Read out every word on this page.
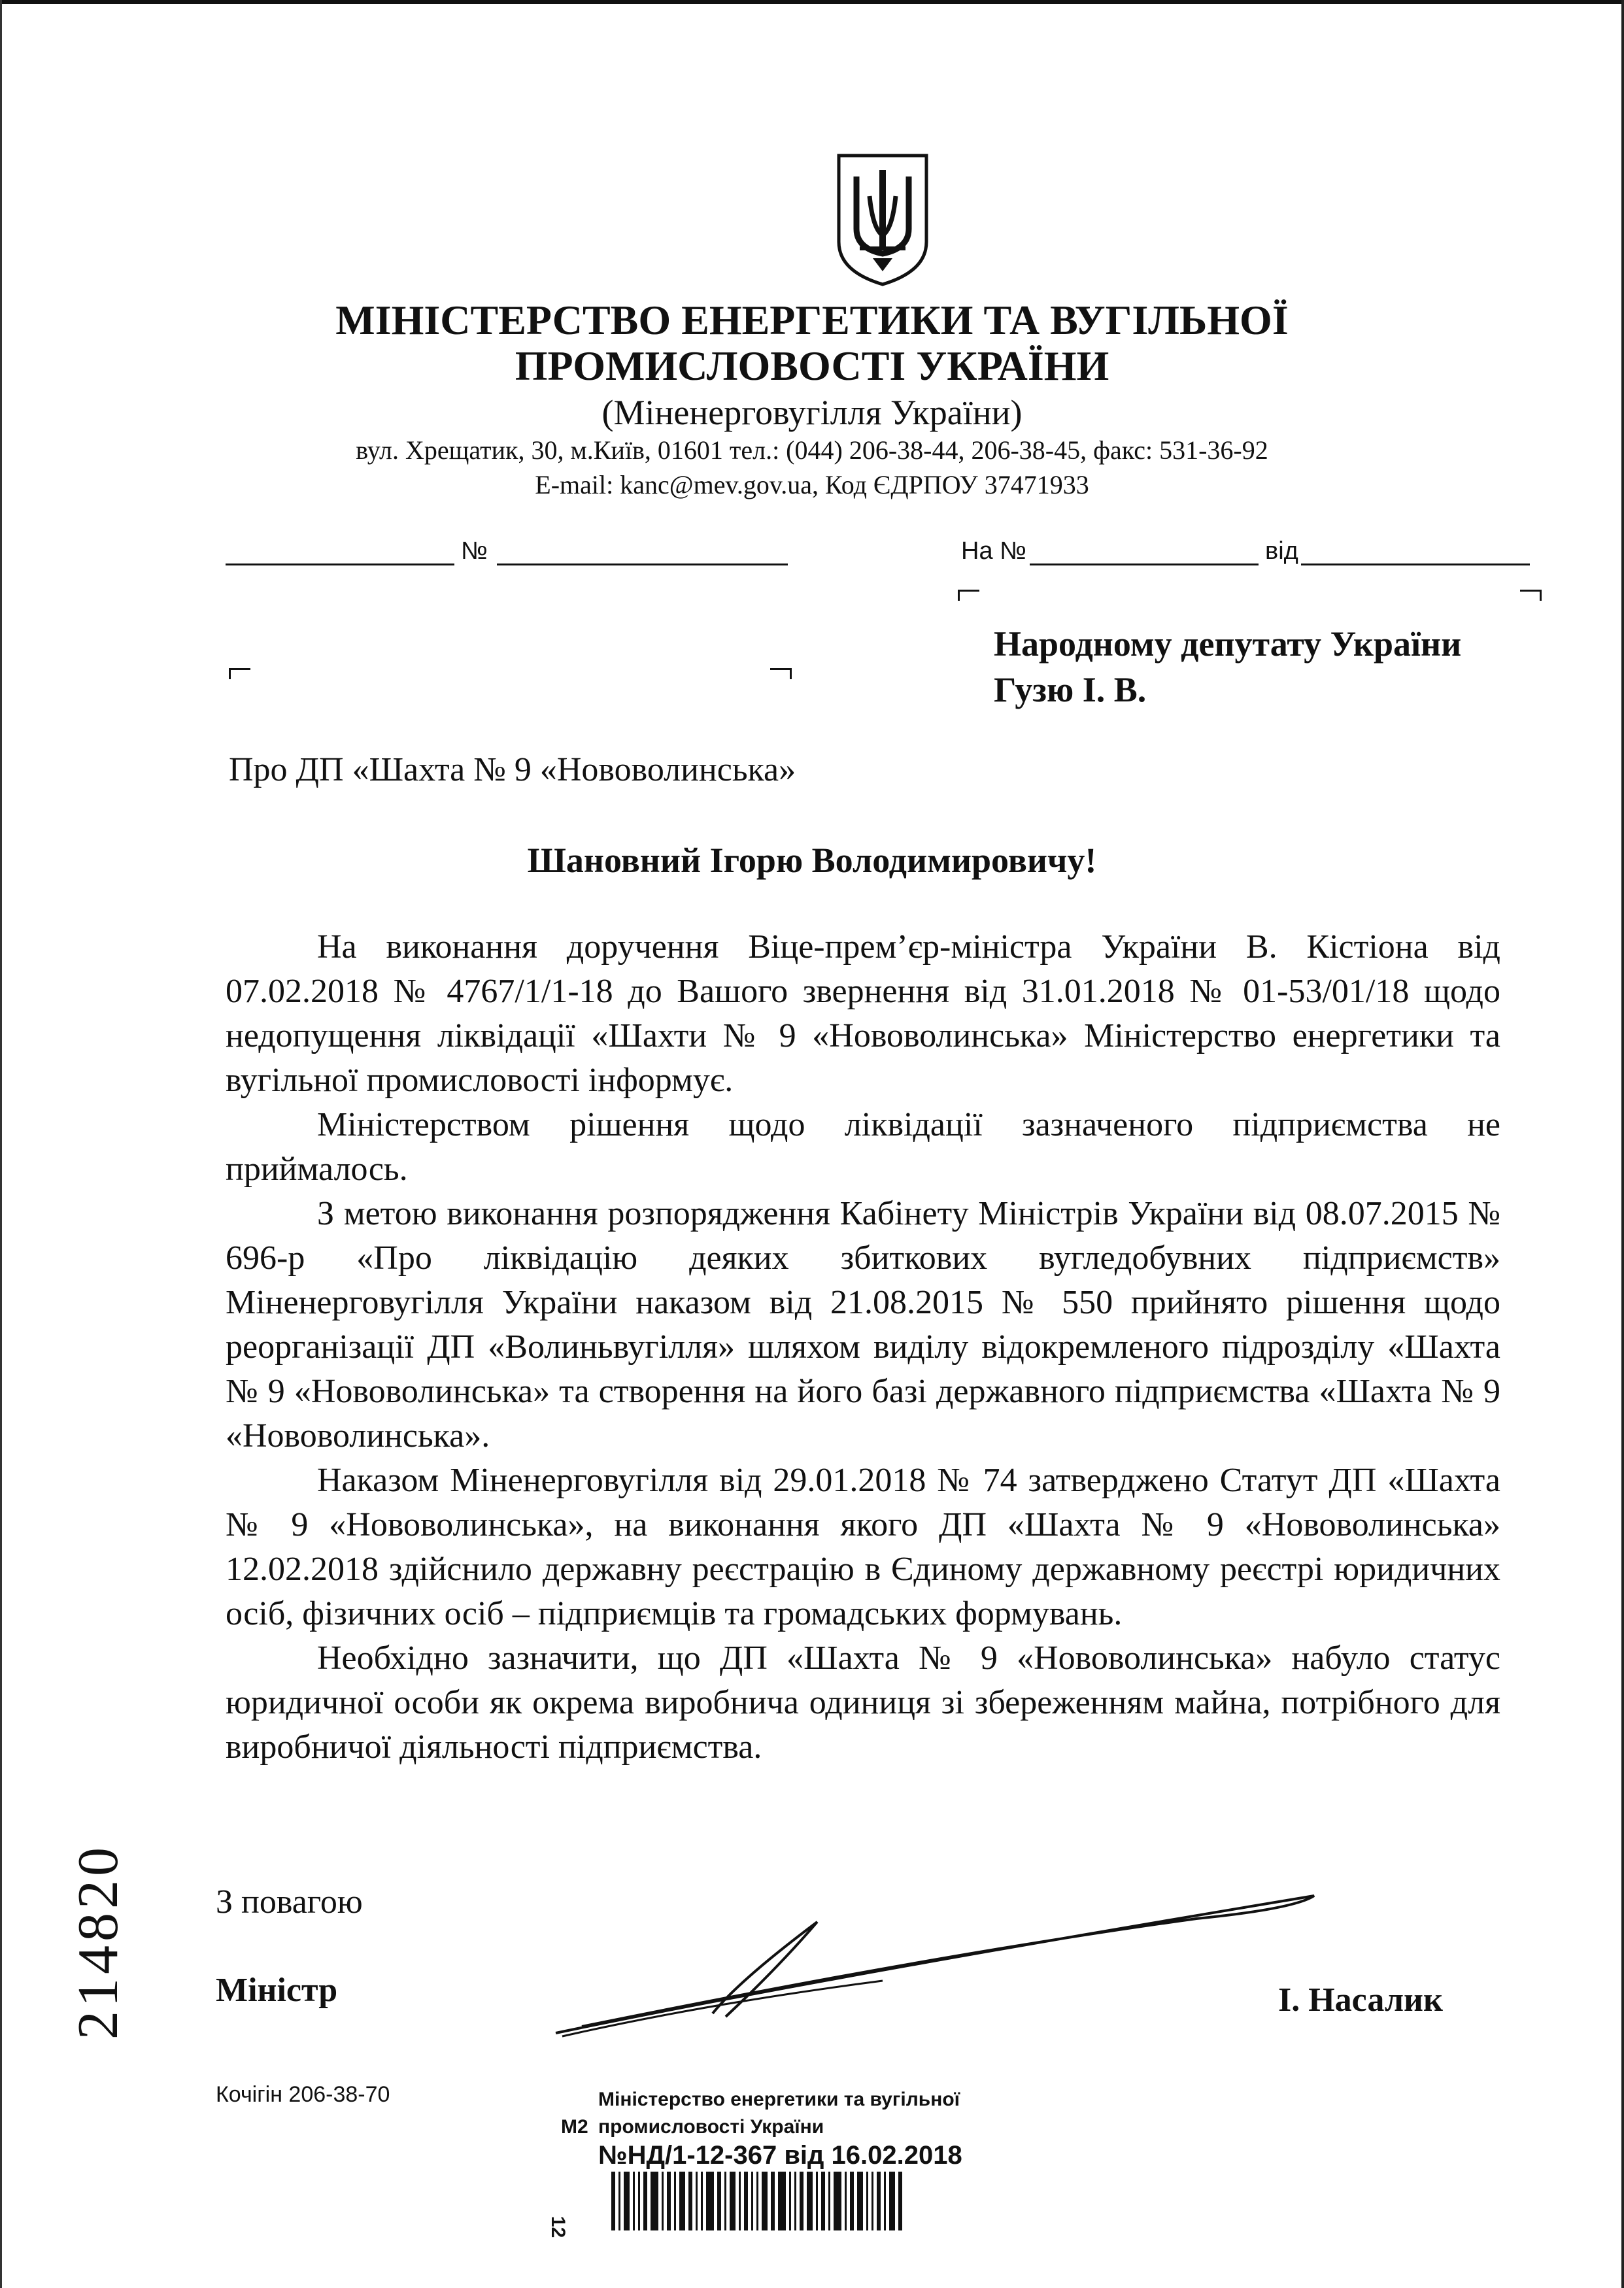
МІНІСТЕРСТВО ЕНЕРГЕТИКИ ТА ВУГІЛЬНОЇ
ПРОМИСЛОВОСТІ УКРАЇНИ
(Міненерговугілля України)
вул. Хрещатик, 30, м.Київ, 01601 тел.: (044) 206-38-44, 206-38-45, факс: 531-36-92
E-mail: kanc@mev.gov.ua, Код ЄДРПОУ 37471933
№	На №	від
Народному депутату України
Гузю І. В.
Про ДП «Шахта № 9 «Нововолинська»
Шановний Ігорю Володимировичу!

На виконання доручення Віце-прем’єр-міністра України В. Кістіона від 07.02.2018 № 4767/1/1-18 до Вашого звернення від 31.01.2018 № 01-53/01/18 щодо недопущення ліквідації «Шахти № 9 «Нововолинська» Міністерство енергетики та вугільної промисловості інформує.

Міністерством рішення щодо ліквідації зазначеного підприємства не приймалось.

З метою виконання розпорядження Кабінету Міністрів України від 08.07.2015 № 696-р «Про ліквідацію деяких збиткових вугледобувних підприємств» Міненерговугілля України наказом від 21.08.2015 № 550 прийнято рішення щодо реорганізації ДП «Волиньвугілля» шляхом виділу відокремленого підрозділу «Шахта № 9 «Нововолинська» та створення на його базі державного підприємства «Шахта № 9 «Нововолинська».

Наказом Міненерговугілля від 29.01.2018 № 74 затверджено Статут ДП «Шахта № 9 «Нововолинська», на виконання якого ДП «Шахта № 9 «Нововолинська» 12.02.2018 здійснило державну реєстрацію в Єдиному державному реєстрі юридичних осіб, фізичних осіб – підприємців та громадських формувань.

Необхідно зазначити, що ДП «Шахта № 9 «Нововолинська» набуло статус юридичної особи як окрема виробнича одиниця зі збереженням майна, потрібного для виробничої діяльності підприємства.

З повагою
Міністр	І. Насалик
214820
Кочігін 206-38-70	Міністерство енергетики та вугільної
М2 промисловості України
№НД/1-12-367 від 16.02.2018
12
